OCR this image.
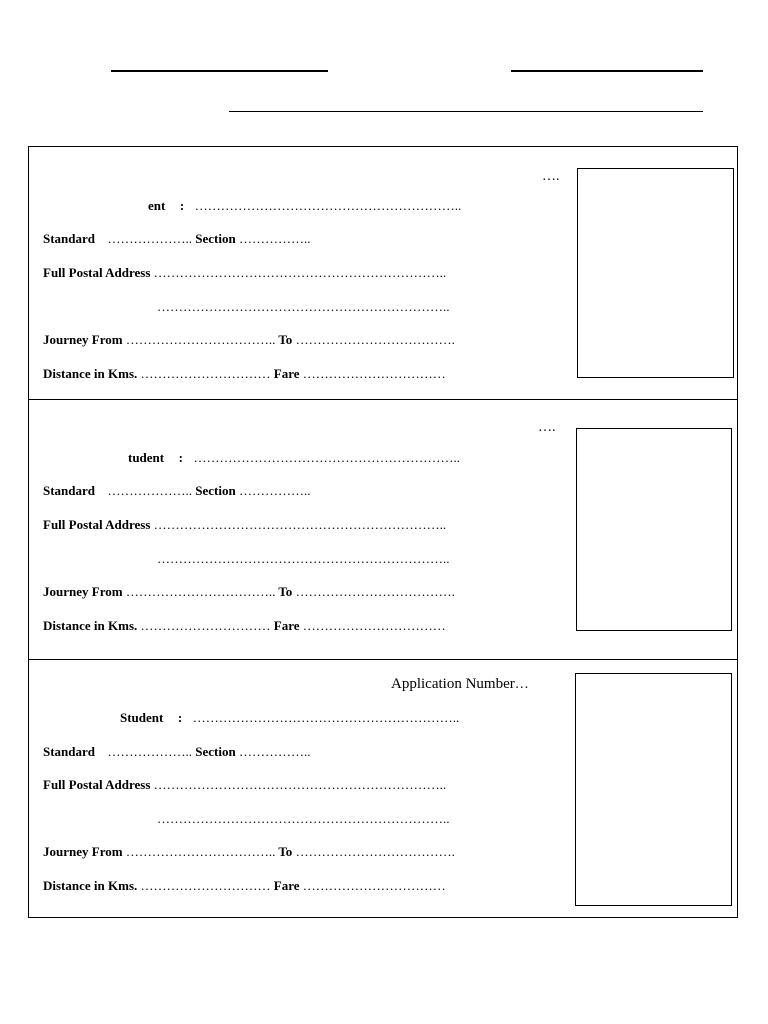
….
ent : ……………………………………………………..
Standard ……………….. Section ……………..
Full Postal Address …………………………………………………………..
…………………………………………………………..
Journey From …………………………….. To ……………………………….
Distance in Kms. ………………………… Fare ……………………………
….
tudent : ……………………………………………………..
Standard ……………….. Section ……………..
Full Postal Address …………………………………………………………..
…………………………………………………………..
Journey From …………………………….. To ……………………………….
Distance in Kms. ………………………… Fare ……………………………
Application Number…
Student : ……………………………………………………..
Standard ……………….. Section ……………..
Full Postal Address …………………………………………………………..
…………………………………………………………..
Journey From …………………………….. To ……………………………….
Distance in Kms. ………………………… Fare ……………………………
